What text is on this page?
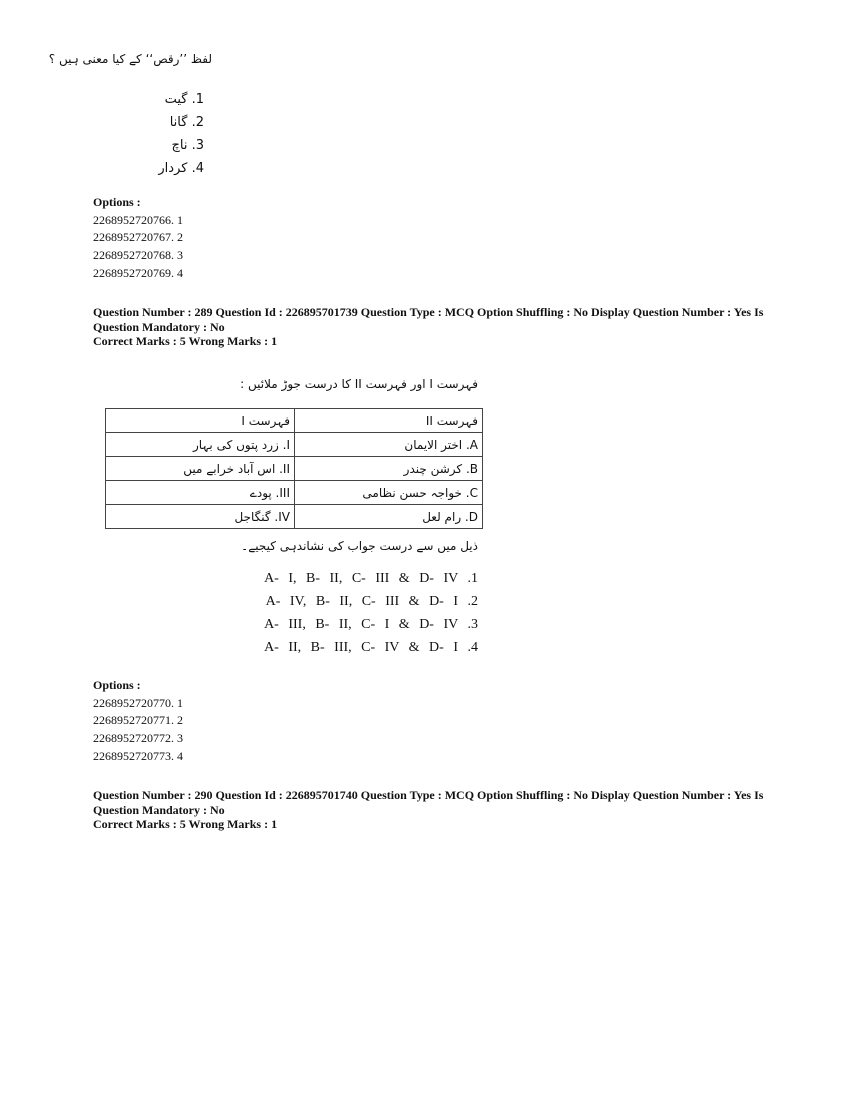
لفظ ’’رقص‘‘ کے کیا معنی ہیں ؟
1. گیت
2. گانا
3. ناچ
4. کردار
Options :
2268952720766. 1
2268952720767. 2
2268952720768. 3
2268952720769. 4
Question Number : 289 Question Id : 226895701739 Question Type : MCQ Option Shuffling : No Display Question Number : Yes Is
Question Mandatory : No
Correct Marks : 5 Wrong Marks : 1
فہرست I اور فہرست II کا درست جوڑ ملائیں :
فہرست I	فہرست II
I. زرد پتوں کی بہار	A. اختر الایمان
II. اس آباد خرابے میں	B. کرشن چندر
III. پودے	C. خواجہ حسن نظامی
IV. گنگاجل	D. رام لعل
ذیل میں سے درست جواب کی نشاندہی کیجیے۔
A- I, B- II, C- III & D- IV .1
A- IV, B- II, C- III & D- I .2
A- III, B- II, C- I & D- IV .3
A- II, B- III, C- IV & D- I .4
Options :
2268952720770. 1
2268952720771. 2
2268952720772. 3
2268952720773. 4
Question Number : 290 Question Id : 226895701740 Question Type : MCQ Option Shuffling : No Display Question Number : Yes Is
Question Mandatory : No
Correct Marks : 5 Wrong Marks : 1
